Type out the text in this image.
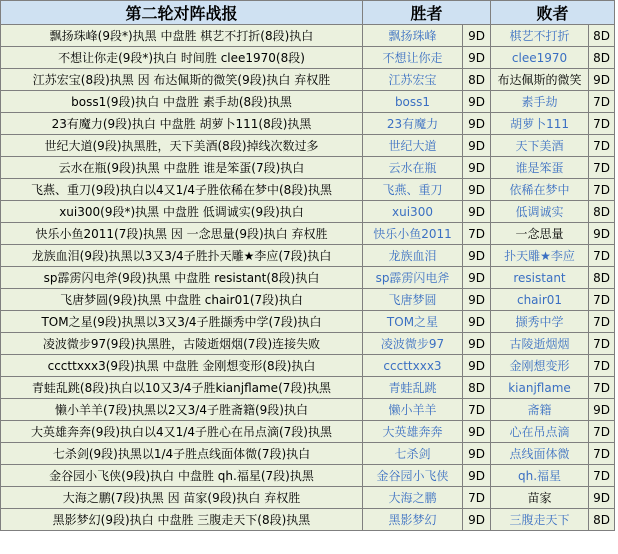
第二轮对阵战报	胜者		败者	
飘扬珠峰(9段*)执黑 中盘胜 棋艺不打折(8段)执白	飘扬珠峰	9D	棋艺不打折	8D
不想让你走(9段*)执白 时间胜 clee1970(8段)	不想让你走	9D	clee1970	8D
江苏宏宝(8段)执黑 因 布达佩斯的微笑(9段)执白 弃权胜	江苏宏宝	8D	布达佩斯的微笑	9D
boss1(9段)执白 中盘胜 素手劫(8段)执黑	boss1	9D	素手劫	7D
23有魔力(9段)执白 中盘胜 胡萝卜111(8段)执黑	23有魔力	9D	胡萝卜111	7D
世纪大道(9段)执黑胜，天下美酒(8段)掉线次数过多	世纪大道	9D	天下美酒	7D
云水在瓶(9段)执黑 中盘胜 谁是笨蛋(7段)执白	云水在瓶	9D	谁是笨蛋	7D
飞燕、重刀(9段)执白以4又1/4子胜依稀在梦中(8段)执黑	飞燕、重刀	9D	依稀在梦中	7D
xui300(9段*)执黑 中盘胜 低调诚实(9段)执白	xui300	9D	低调诚实	8D
快乐小鱼2011(7段)执黑 因 一念思量(9段)执白 弃权胜	快乐小鱼2011	7D	一念思量	9D
龙族血泪(9段)执黑以3又3/4子胜扑天雕★李应(7段)执白	龙族血泪	9D	扑天雕★李应	7D
sp霹雳闪电斧(9段)执黑 中盘胜 resistant(8段)执白	sp霹雳闪电斧	9D	resistant	8D
飞唐梦圆(9段)执黑 中盘胜 chair01(7段)执白	飞唐梦圆	9D	chair01	7D
TOM之星(9段)执黑以3又3/4子胜撷秀中学(7段)执白	TOM之星	9D	撷秀中学	7D
凌波微步97(9段)执黑胜，古陵逝烟烟(7段)连接失败	凌波微步97	9D	古陵逝烟烟	7D
cccttxxx3(9段)执黑 中盘胜 金刚想变形(8段)执白	cccttxxx3	9D	金刚想变形	7D
青蛙乱跳(8段)执白以10又3/4子胜kianjflame(7段)执黑	青蛙乱跳	8D	kianjflame	7D
懒小羊羊(7段)执黑以2又3/4子胜斋籍(9段)执白	懒小羊羊	7D	斋籍	9D
大英雄奔奔(9段)执白以4又1/4子胜心在吊点滴(7段)执黑	大英雄奔奔	9D	心在吊点滴	7D
七杀剑(9段)执黑以1/4子胜点线面体微(7段)执白	七杀剑	9D	点线面体微	7D
金谷园小飞侠(9段)执白 中盘胜 qh.福星(7段)执黑	金谷园小飞侠	9D	qh.福星	7D
大海之鹏(7段)执黑 因 苗家(9段)执白 弃权胜	大海之鹏	7D	苗家	9D
黑影梦幻(9段)执白 中盘胜 三腹走天下(8段)执黑	黑影梦幻	9D	三腹走天下	8D
